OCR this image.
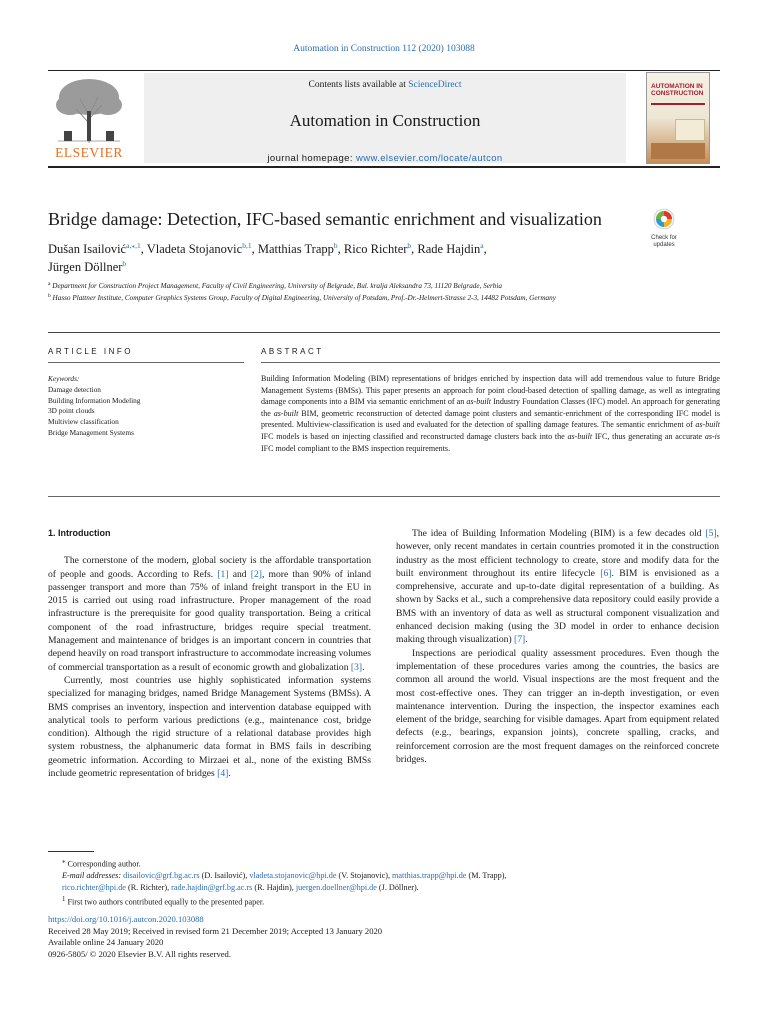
Automation in Construction 112 (2020) 103088
ELSEVIER
Contents lists available at ScienceDirect
Automation in Construction
journal homepage: www.elsevier.com/locate/autcon
AUTOMATION IN CONSTRUCTION
Bridge damage: Detection, IFC-based semantic enrichment and visualization
Check for updates
Dušan Isailović$^{a,⁎,1}$, Vladeta Stojanovic$^{b,1}$, Matthias Trapp$^b$, Rico Richter$^b$, Rade Hajdin$^a$,
Jürgen Döllner$^b$
$^a$ Department for Construction Project Management, Faculty of Civil Engineering, University of Belgrade, Bul. kralja Aleksandra 73, 11120 Belgrade, Serbia
$^b$ Hasso Plattner Institute, Computer Graphics Systems Group, Faculty of Digital Engineering, University of Potsdam, Prof.-Dr.-Helmert-Strasse 2-3, 14482 Potsdam, Germany
ARTICLE INFO	ABSTRACT
Keywords:
Damage detection
Building Information Modeling
3D point clouds
Multiview classification
Bridge Management Systems
Building Information Modeling (BIM) representations of bridges enriched by inspection data will add tremendous value to future Bridge Management Systems (BMSs). This paper presents an approach for point cloud-based detection of spalling damage, as well as integrating damage components into a BIM via semantic enrichment of an as-built Industry Foundation Classes (IFC) model. An approach for generating the as-built BIM, geometric reconstruction of detected damage point clusters and semantic-enrichment of the corresponding IFC model is presented. Multiview-classification is used and evaluated for the detection of spalling damage features. The semantic enrichment of as-built IFC models is based on injecting classified and reconstructed damage clusters back into the as-built IFC, thus generating an accurate as-is IFC model compliant to the BMS inspection requirements.
1. Introduction

The cornerstone of the modern, global society is the affordable transportation of people and goods. According to Refs. [1] and [2], more than 90% of inland passenger transport and more than 75% of inland freight transport in the EU in 2015 is carried out using road infrastructure. Proper management of the road infrastructure is the prerequisite for good quality transportation. Being a critical component of the road infrastructure, bridges require special treatment. Management and maintenance of bridges is an important concern in countries that depend heavily on road transport infrastructure to accommodate increasing volumes of commercial transportation as a result of economic growth and globalization [3].

Currently, most countries use highly sophisticated information systems specialized for managing bridges, named Bridge Management Systems (BMSs). A BMS comprises an inventory, inspection and intervention database equipped with analytical tools to perform various predictions (e.g., maintenance cost, bridge condition). Although the rigid structure of a relational database provides high system robustness, the alphanumeric data format in BMS fails in describing geometric information. According to Mirzaei et al., none of the existing BMSs include geometric representation of bridges [4].

The idea of Building Information Modeling (BIM) is a few decades old [5], however, only recent mandates in certain countries promoted it in the construction industry as the most efficient technology to create, store and modify data for the built environment throughout its entire lifecycle [6]. BIM is envisioned as a comprehensive, accurate and up-to-date digital representation of a building. As shown by Sacks et al., such a comprehensive data repository could easily provide a BMS with an inventory of data as well as structural component visualization and enhanced decision making (using the 3D model in order to enhance decision making through visualization) [7].

Inspections are periodical quality assessment procedures. Even though the implementation of these procedures varies among the countries, the basics are common all around the world. Visual inspections are the most frequent and the most cost-effective ones. They can trigger an in-depth investigation, or even maintenance intervention. During the inspection, the inspector examines each element of the bridge, searching for visible damages. Apart from equipment related defects (e.g., bearings, expansion joints), concrete spalling, cracks, and reinforcement corrosion are the most frequent damages on the reinforced concrete bridges.

⁎ Corresponding author.
E-mail addresses: disailovic@grf.bg.ac.rs (D. Isailović), vladeta.stojanovic@hpi.de (V. Stojanovic), matthias.trapp@hpi.de (M. Trapp),
rico.richter@hpi.de (R. Richter), rade.hajdin@grf.bg.ac.rs (R. Hajdin), juergen.doellner@hpi.de (J. Döllner).
$^1$ First two authors contributed equally to the presented paper.
https://doi.org/10.1016/j.autcon.2020.103088
Received 28 May 2019; Received in revised form 21 December 2019; Accepted 13 January 2020
Available online 24 January 2020
0926-5805/ © 2020 Elsevier B.V. All rights reserved.
